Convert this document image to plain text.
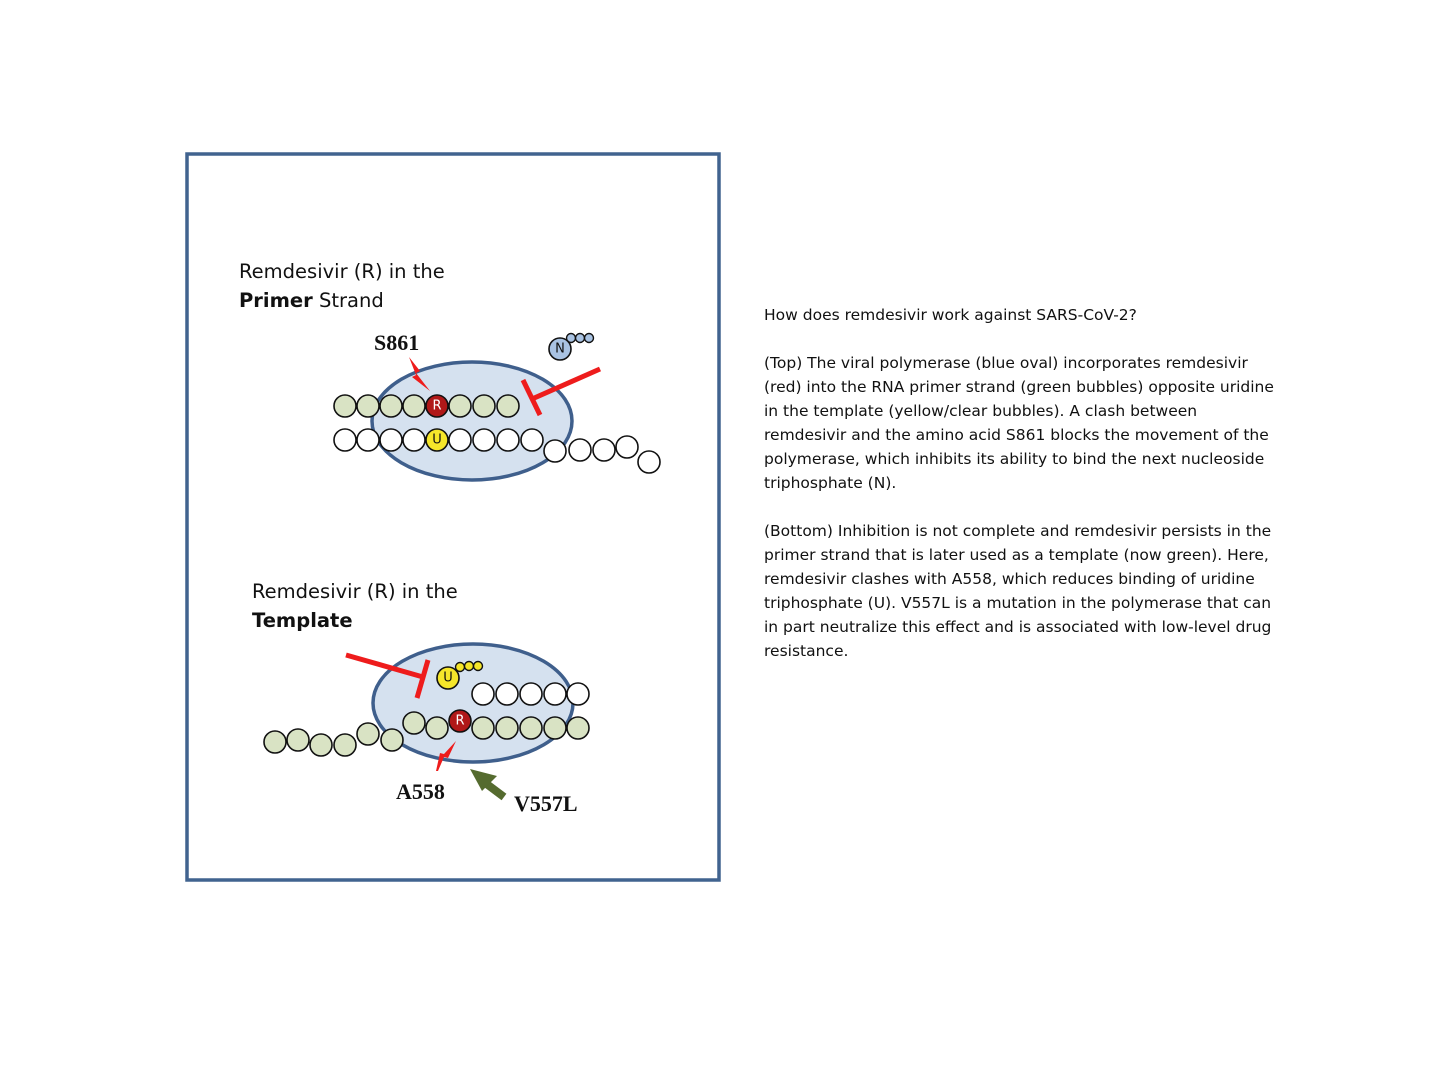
Remdesivir (R) in the
Primer Strand
R
U
S861	N
Remdesivir (R) in the
Template
R
U
A558	V557L

How does remdesivir work against SARS-CoV-2?

(Top) The viral polymerase (blue oval) incorporates remdesivir (red) into the RNA primer strand (green bubbles) opposite uridine in the template (yellow/clear bubbles). A clash between remdesivir and the amino acid S861 blocks the movement of the polymerase, which inhibits its ability to bind the next nucleoside triphosphate (N).

(Bottom) Inhibition is not complete and remdesivir persists in the primer strand that is later used as a template (now green). Here, remdesivir clashes with A558, which reduces binding of uridine triphosphate (U). V557L is a mutation in the polymerase that can in part neutralize this effect and is associated with low-level drug resistance.
